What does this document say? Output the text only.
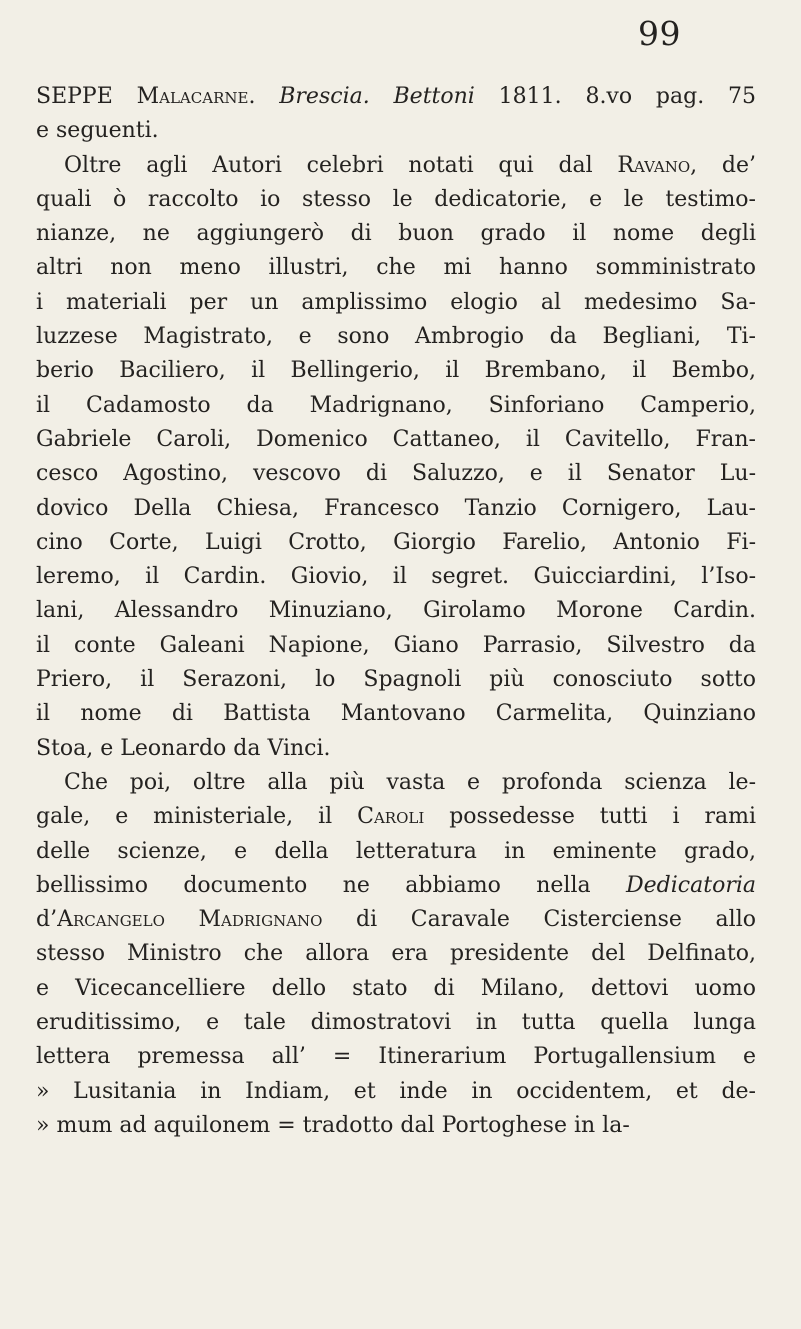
99
SEPPE Malacarne. Brescia. Bettoni 1811. 8.vo pag. 75
e seguenti.
Oltre agli Autori celebri notati qui dal Ravano, de’
quali ò raccolto io stesso le dedicatorie, e le testimo-
nianze, ne aggiungerò di buon grado il nome degli
altri non meno illustri, che mi hanno somministrato
i materiali per un amplissimo elogio al medesimo Sa-
luzzese Magistrato, e sono Ambrogio da Begliani, Ti-
berio Baciliero, il Bellingerio, il Brembano, il Bembo,
il Cadamosto da Madrignano, Sinforiano Camperio,
Gabriele Caroli, Domenico Cattaneo, il Cavitello, Fran-
cesco Agostino, vescovo di Saluzzo, e il Senator Lu-
dovico Della Chiesa, Francesco Tanzio Cornigero, Lau-
cino Corte, Luigi Crotto, Giorgio Farelio, Antonio Fi-
leremo, il Cardin. Giovio, il segret. Guicciardini, l’Iso-
lani, Alessandro Minuziano, Girolamo Morone Cardin.
il conte Galeani Napione, Giano Parrasio, Silvestro da
Priero, il Serazoni, lo Spagnoli più conosciuto sotto
il nome di Battista Mantovano Carmelita, Quinziano
Stoa, e Leonardo da Vinci.
Che poi, oltre alla più vasta e profonda scienza le-
gale, e ministeriale, il Caroli possedesse tutti i rami
delle scienze, e della letteratura in eminente grado,
bellissimo documento ne abbiamo nella Dedicatoria
d’Arcangelo Madrignano di Caravale Cisterciense allo
stesso Ministro che allora era presidente del Delfinato,
e Vicecancelliere dello stato di Milano, dettovi uomo
eruditissimo, e tale dimostratovi in tutta quella lunga
lettera premessa all’ = Itinerarium Portugallensium e
» Lusitania in Indiam, et inde in occidentem, et de-
» mum ad aquilonem = tradotto dal Portoghese in la-
